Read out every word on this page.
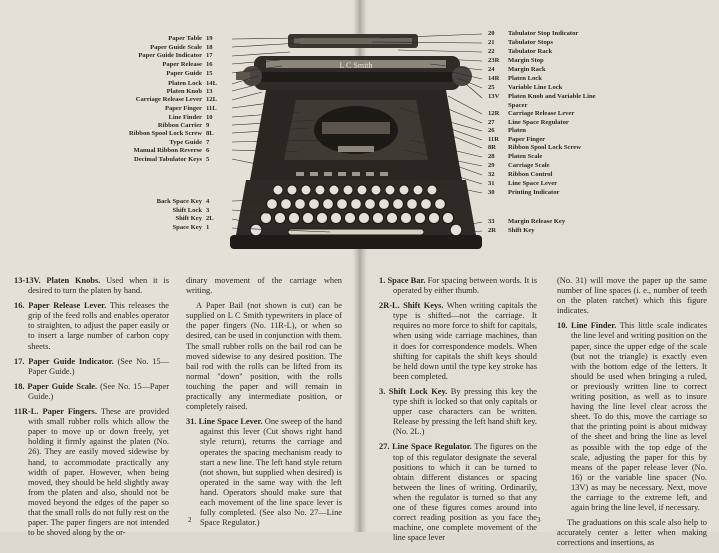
L C Smith
Paper Table19
Paper Guide Scale18
Paper Guide Indicator17
Paper Release16
Paper Guide15
Platen Lock14L
Platen Knob13
Carriage Release Lever12L
Paper Finger11L
Line Finder10
Ribbon Carrier9
Ribbon Spool Lock Screw8L
Type Guide7
Manual Ribbon Reverse6
Decimal Tabulator Keys5
Back Space Key4
Shift Lock3
Shift Key2L
Space Key1
20 Tabulator Stop Indicator
21 Tabulator Stops
22 Tabulator Rack
23R Margin Stop
24 Margin Rack
14R Platen Lock
25 Variable Line Lock
13V Platen Knob and Variable Line Spacer
12R Carriage Release Lever
27 Line Space Regulator
26 Platen
11R Paper Finger
8R Ribbon Spool Lock Screw
28 Platen Scale
29 Carriage Scale
32 Ribbon Control
31 Line Space Lever
30 Printing Indicator
33 Margin Release Key
2R Shift Key

13-13V. Platen Knobs. Used when it is desired to turn the platen by hand.

16. Paper Release Lever. This releases the grip of the feed rolls and enables operator to straighten, to adjust the paper easily or to insert a large number of carbon copy sheets.

17. Paper Guide Indicator. (See No. 15—Paper Guide.)

18. Paper Guide Scale. (See No. 15—Paper Guide.)

11R-L. Paper Fingers. These are provided with small rubber rolls which allow the paper to move up or down freely, yet holding it firmly against the platen (No. 26). They are easily moved sidewise by hand, to accommodate practically any width of paper. However, when being moved, they should be held slightly away from the platen and also, should not be moved beyond the edges of the paper so that the small rolls do not fully rest on the paper. The paper fingers are not intended to be shoved along by the or-

dinary movement of the carriage when writing.

A Paper Bail (not shown is cut) can be supplied on L C Smith typewriters in place of the paper fingers (No. 11R-L), or when so desired, can be used in conjunction with them. The small rubber rolls on the bail rod can be moved sidewise to any desired position. The bail rod with the rolls can be lifted from its normal "down" position, with the rolls touching the paper and will remain in practically any intermediate position, or completely raised.

31. Line Space Lever. One sweep of the hand against this lever (Cut shows right hand style return), returns the carriage and operates the spacing mechanism ready to start a new line. The left hand style return (not shown, but supplied when desired) is operated in the same way with the left hand. Operators should make sure that each movement of the line space lever is fully completed. (See also No. 27—Line Space Regulator.)

1. Space Bar. For spacing between words. It is operated by either thumb.

2R-L. Shift Keys. When writing capitals the type is shifted—not the carriage. It requires no more force to shift for capitals, when using wide carriage machines, than it does for correspondence models. When shifting for capitals the shift keys should be held down until the type key stroke has been completed.

3. Shift Lock Key. By pressing this key the type shift is locked so that only capitals or upper case characters can be written. Release by pressing the left hand shift key. (No. 2L.)

27. Line Space Regulator. The figures on the top of this regulator designate the several positions to which it can be turned to obtain different distances or spacing between the lines of writing. Ordinarily, when the regulator is turned so that any one of these figures comes around into correct reading position as you face the machine, one complete movement of the line space lever

(No. 31) will move the paper up the same number of line spaces (i. e., number of teeth on the platen ratchet) which this figure indicates.

10. Line Finder. This little scale indicates the line level and writing position on the paper, since the upper edge of the scale (but not the triangle) is exactly even with the bottom edge of the letters. It should be used when bringing a ruled, or previously written line to correct writing position, as well as to insure having the line level clear across the sheet. To do this, move the carriage so that the printing point is about midway of the sheet and bring the line as level as possible with the top edge of the scale, adjusting the paper for this by means of the paper release lever (No. 16) or the variable line spacer (No. 13V) as may be necessary. Next, move the carriage to the extreme left, and again bring the line level, if necessary.

The graduations on this scale also help to accurately center a letter when making corrections and insertions, as

2	3
